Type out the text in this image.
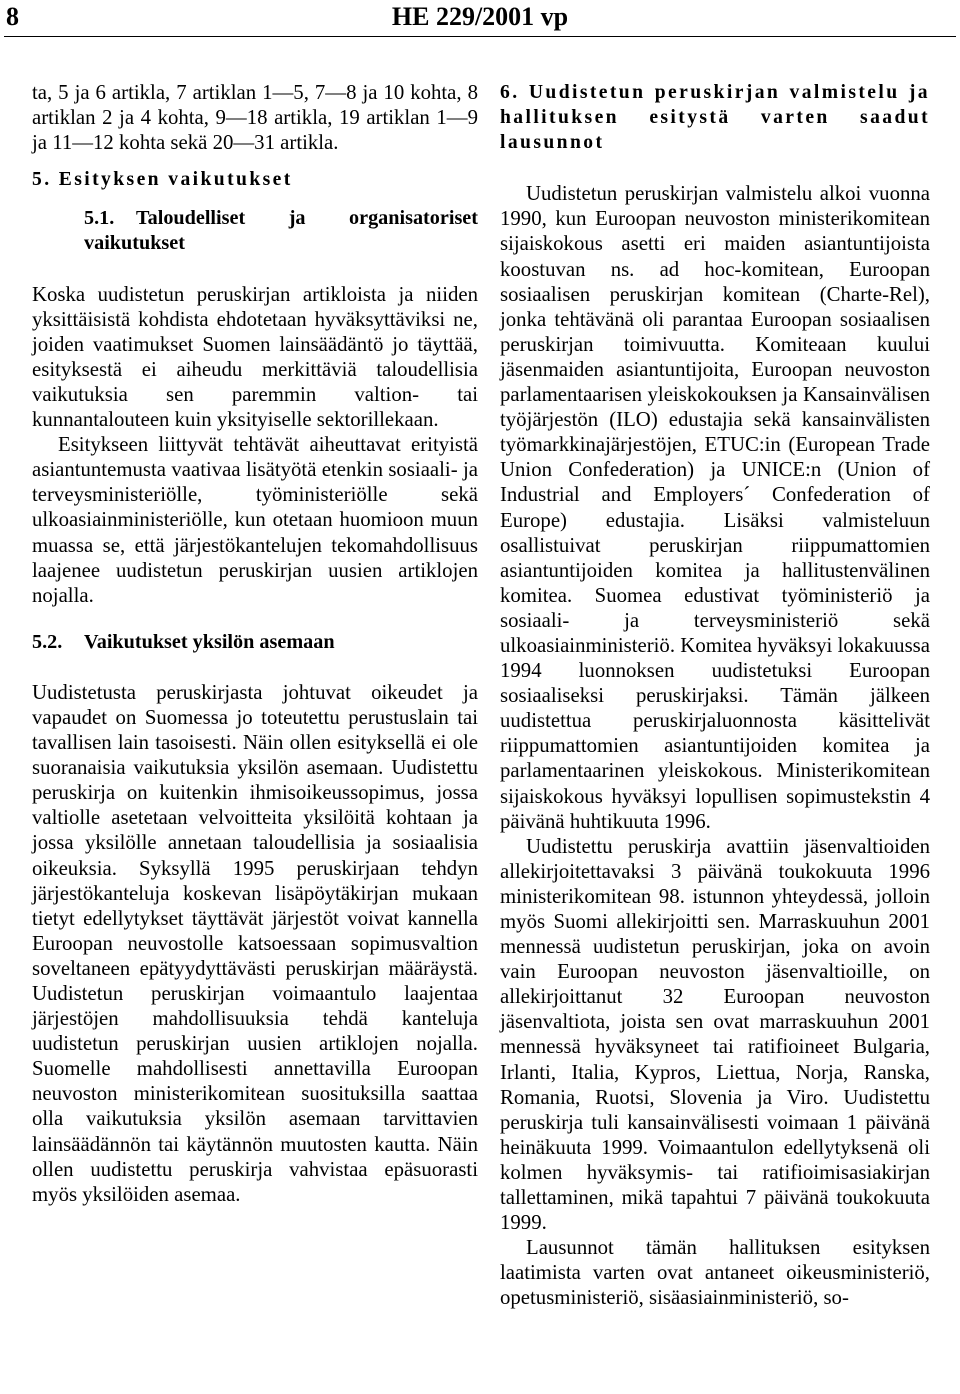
8	HE 229/2001 vp

ta, 5 ja 6 artikla, 7 artiklan 1—5, 7—8 ja 10 kohta, 8 artiklan 2 ja 4 kohta, 9—18 artikla, 19 artiklan 1—9 ja 11—12 kohta sekä 20—31 artikla.

5. Esityksen vaikutukset

5.1. Taloudelliset ja organisatoriset vaikutukset

Koska uudistetun peruskirjan artikloista ja niiden yksittäisistä kohdista ehdotetaan hyväksyttäviksi ne, joiden vaatimukset Suomen lainsäädäntö jo täyttää, esityksestä ei aiheudu merkittäviä taloudellisia vaikutuksia sen paremmin valtion- tai kunnantalouteen kuin yksityiselle sektorillekaan.

Esitykseen liittyvät tehtävät aiheuttavat erityistä asiantuntemusta vaativaa lisätyötä etenkin sosiaali- ja terveysministeriölle, työministeriölle sekä ulkoasiainministeriölle, kun otetaan huomioon muun muassa se, että järjestökantelujen tekomahdollisuus laajenee uudistetun peruskirjan uusien artiklojen nojalla.

5.2. Vaikutukset yksilön asemaan

Uudistetusta peruskirjasta johtuvat oikeudet ja vapaudet on Suomessa jo toteutettu perustuslain tai tavallisen lain tasoisesti. Näin ollen esityksellä ei ole suoranaisia vaikutuksia yksilön asemaan. Uudistettu peruskirja on kuitenkin ihmisoikeussopimus, jossa valtiolle asetetaan velvoitteita yksilöitä kohtaan ja jossa yksilölle annetaan taloudellisia ja sosiaalisia oikeuksia. Syksyllä 1995 peruskirjaan tehdyn järjestökanteluja koskevan lisäpöytäkirjan mukaan tietyt edellytykset täyttävät järjestöt voivat kannella Euroopan neuvostolle katsoessaan sopimusvaltion soveltaneen epätyydyttävästi peruskirjan määräystä. Uudistetun peruskirjan voimaantulo laajentaa järjestöjen mahdollisuuksia tehdä kanteluja uudistetun peruskirjan uusien artiklojen nojalla. Suomelle mahdollisesti annettavilla Euroopan neuvoston ministerikomitean suosituksilla saattaa olla vaikutuksia yksilön asemaan tarvittavien lainsäädännön tai käytännön muutosten kautta. Näin ollen uudistettu peruskirja vahvistaa epäsuorasti myös yksilöiden asemaa.

6. Uudistetun peruskirjan valmistelu ja hallituksen esitystä varten saadut lausunnot

Uudistetun peruskirjan valmistelu alkoi vuonna 1990, kun Euroopan neuvoston ministerikomitean sijaiskokous asetti eri maiden asiantuntijoista koostuvan ns. ad hoc-komitean, Euroopan sosiaalisen peruskirjan komitean (Charte-Rel), jonka tehtävänä oli parantaa Euroopan sosiaalisen peruskirjan toimivuutta. Komiteaan kuului jäsenmaiden asiantuntijoita, Euroopan neuvoston parlamentaarisen yleiskokouksen ja Kansainvälisen työjärjestön (ILO) edustajia sekä kansainvälisten työmarkkinajärjestöjen, ETUC:in (European Trade Union Confederation) ja UNICE:n (Union of Industrial and Employers´ Confederation of Europe) edustajia. Lisäksi valmisteluun osallistuivat peruskirjan riippumattomien asiantuntijoiden komitea ja hallitustenvälinen komitea. Suomea edustivat työministeriö ja sosiaali- ja terveysministeriö sekä ulkoasiainministeriö. Komitea hyväksyi lokakuussa 1994 luonnoksen uudistetuksi Euroopan sosiaaliseksi peruskirjaksi. Tämän jälkeen uudistettua peruskirjaluonnosta käsittelivät riippumattomien asiantuntijoiden komitea ja parlamentaarinen yleiskokous. Ministerikomitean sijaiskokous hyväksyi lopullisen sopimustekstin 4 päivänä huhtikuuta 1996.

Uudistettu peruskirja avattiin jäsenvaltioiden allekirjoitettavaksi 3 päivänä toukokuuta 1996 ministerikomitean 98. istunnon yhteydessä, jolloin myös Suomi allekirjoitti sen. Marraskuuhun 2001 mennessä uudistetun peruskirjan, joka on avoin vain Euroopan neuvoston jäsenvaltioille, on allekirjoittanut 32 Euroopan neuvoston jäsenvaltiota, joista sen ovat marraskuuhun 2001 mennessä hyväksyneet tai ratifioineet Bulgaria, Irlanti, Italia, Kypros, Liettua, Norja, Ranska, Romania, Ruotsi, Slovenia ja Viro. Uudistettu peruskirja tuli kansainvälisesti voimaan 1 päivänä heinäkuuta 1999. Voimaantulon edellytyksenä oli kolmen hyväksymis- tai ratifioimisasiakirjan tallettaminen, mikä tapahtui 7 päivänä toukokuuta 1999.

Lausunnot tämän hallituksen esityksen laatimista varten ovat antaneet oikeusministeriö, opetusministeriö, sisäasiainministeriö, so-
